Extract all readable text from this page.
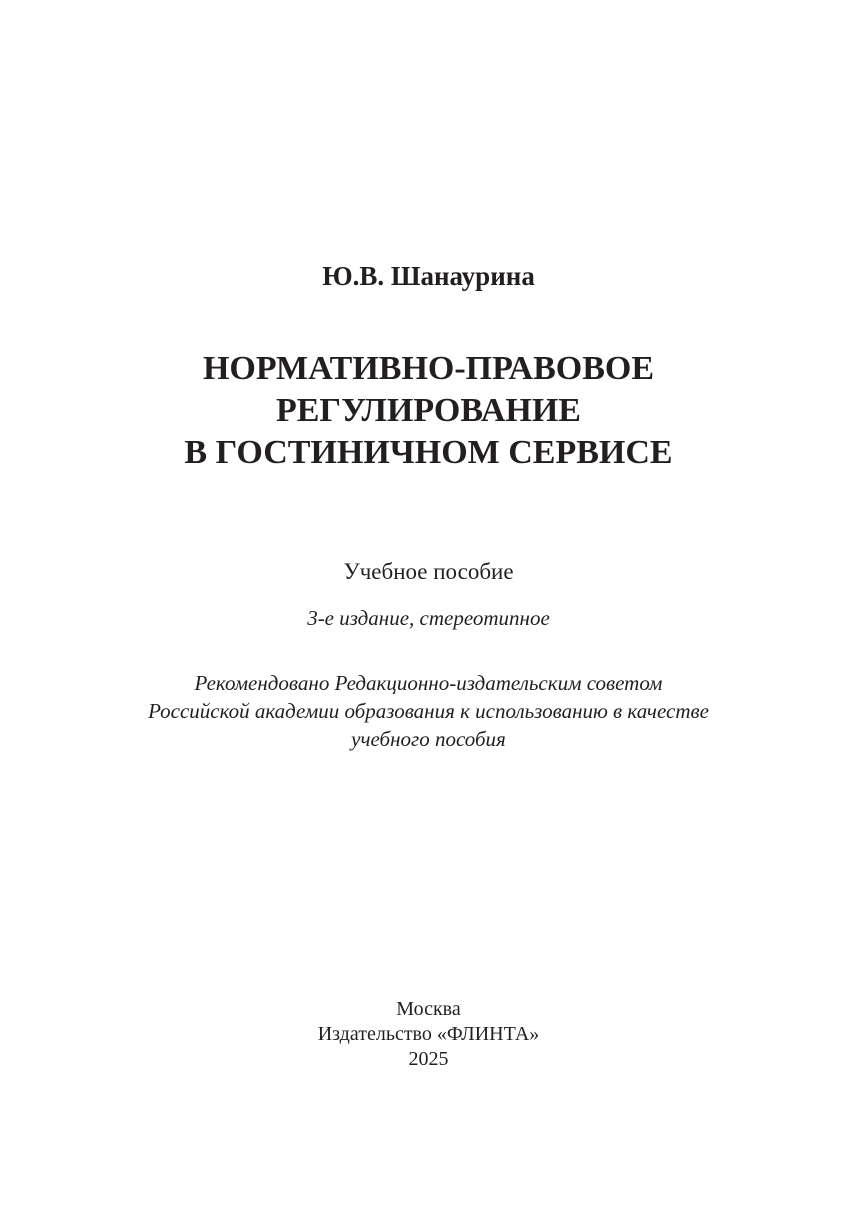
Ю.В. Шанаурина
НОРМАТИВНО-ПРАВОВОЕ
РЕГУЛИРОВАНИЕ
В ГОСТИНИЧНОМ СЕРВИСЕ

Учебное пособие

3-е издание, стереотипное

Рекомендовано Редакционно-издательским советом
Российской академии образования к использованию в качестве
учебного пособия

Москва
Издательство «ФЛИНТА»
2025
